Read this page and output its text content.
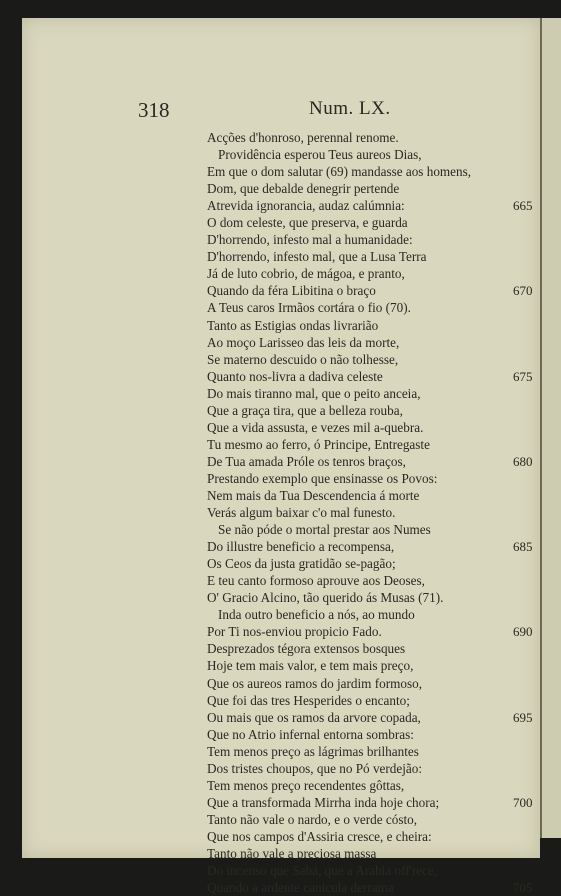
318	Num. LX.
Acções d'honroso, perennal renome.
Providência esperou Teus aureos Dias,
Em que o dom salutar (69) mandasse aos homens,
Dom, que debalde denegrir pertende
Atrevida ignorancia, audaz calúmnia:	665
O dom celeste, que preserva, e guarda
D'horrendo, infesto mal a humanidade:
D'horrendo, infesto mal, que a Lusa Terra
Já de luto cobrio, de mágoa, e pranto,
Quando da féra Libitina o braço	670
A Teus caros Irmãos cortára o fio (70).
Tanto as Estigias ondas livrarião
Ao moço Larisseo das leis da morte,
Se materno descuido o não tolhesse,
Quanto nos-livra a dadiva celeste	675
Do mais tiranno mal, que o peito anceia,
Que a graça tira, que a belleza rouba,
Que a vida assusta, e vezes mil a-quebra.
Tu mesmo ao ferro, ó Principe, Entregaste
De Tua amada Próle os tenros braços,	680
Prestando exemplo que ensinasse os Povos:
Nem mais da Tua Descendencia á morte
Verás algum baixar c'o mal funesto.
Se não póde o mortal prestar aos Numes
Do illustre beneficio a recompensa,	685
Os Ceos da justa gratidão se-pagão;
E teu canto formoso aprouve aos Deoses,
O' Gracio Alcino, tão querido ás Musas (71).
Inda outro beneficio a nós, ao mundo
Por Ti nos-enviou propicio Fado.	690
Desprezados tégora extensos bosques
Hoje tem mais valor, e tem mais preço,
Que os aureos ramos do jardim formoso,
Que foi das tres Hesperides o encanto;
Ou mais que os ramos da arvore copada,	695
Que no Atrio infernal entorna sombras:
Tem menos preço as lágrimas brilhantes
Dos tristes choupos, que no Pó verdejão:
Tem menos preço recendentes gôttas,
Que a transformada Mirrha inda hoje chora;	700
Tanto não vale o nardo, e o verde cósto,
Que nos campos d'Assiria cresce, e cheira:
Tanto não vale a preciosa massa
Do incenso que Sabá, que a Arabia off'rece,
Quando a ardente canicula derrama	705
